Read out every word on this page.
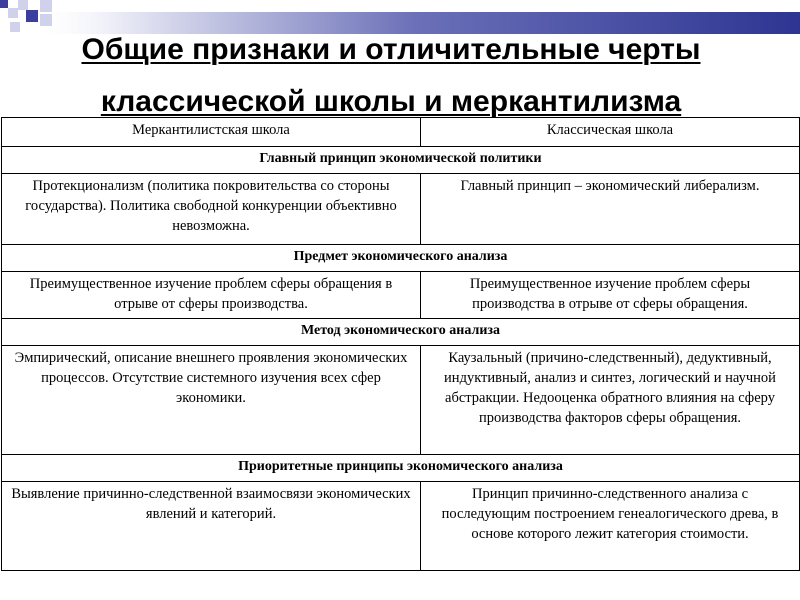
Общие признаки и отличительные черты
классической школы и меркантилизма
Меркантилистская школа	Классическая школа
Главный принцип экономической политики	
Протекционализм (политика покровительства со стороны государства). Политика свободной конкуренции объективно невозможна.	Главный принцип – экономический либерализм.
Предмет экономического анализа	
Преимущественное изучение проблем сферы обращения в отрыве от сферы производства.	Преимущественное изучение проблем сферы производства в отрыве от сферы обращения.
Метод экономического анализа	
Эмпирический, описание внешнего проявления экономических процессов. Отсутствие системного изучения всех сфер экономики.	Каузальный (причино-следственный), дедуктивный, индуктивный, анализ и синтез, логический и научной абстракции. Недооценка обратного влияния на сферу производства факторов сферы обращения.
Приоритетные принципы экономического анализа	
Выявление причинно-следственной взаимосвязи экономических явлений и категорий.	Принцип причинно-следственного анализа с последующим построением генеалогического древа, в основе которого лежит категория стоимости.
